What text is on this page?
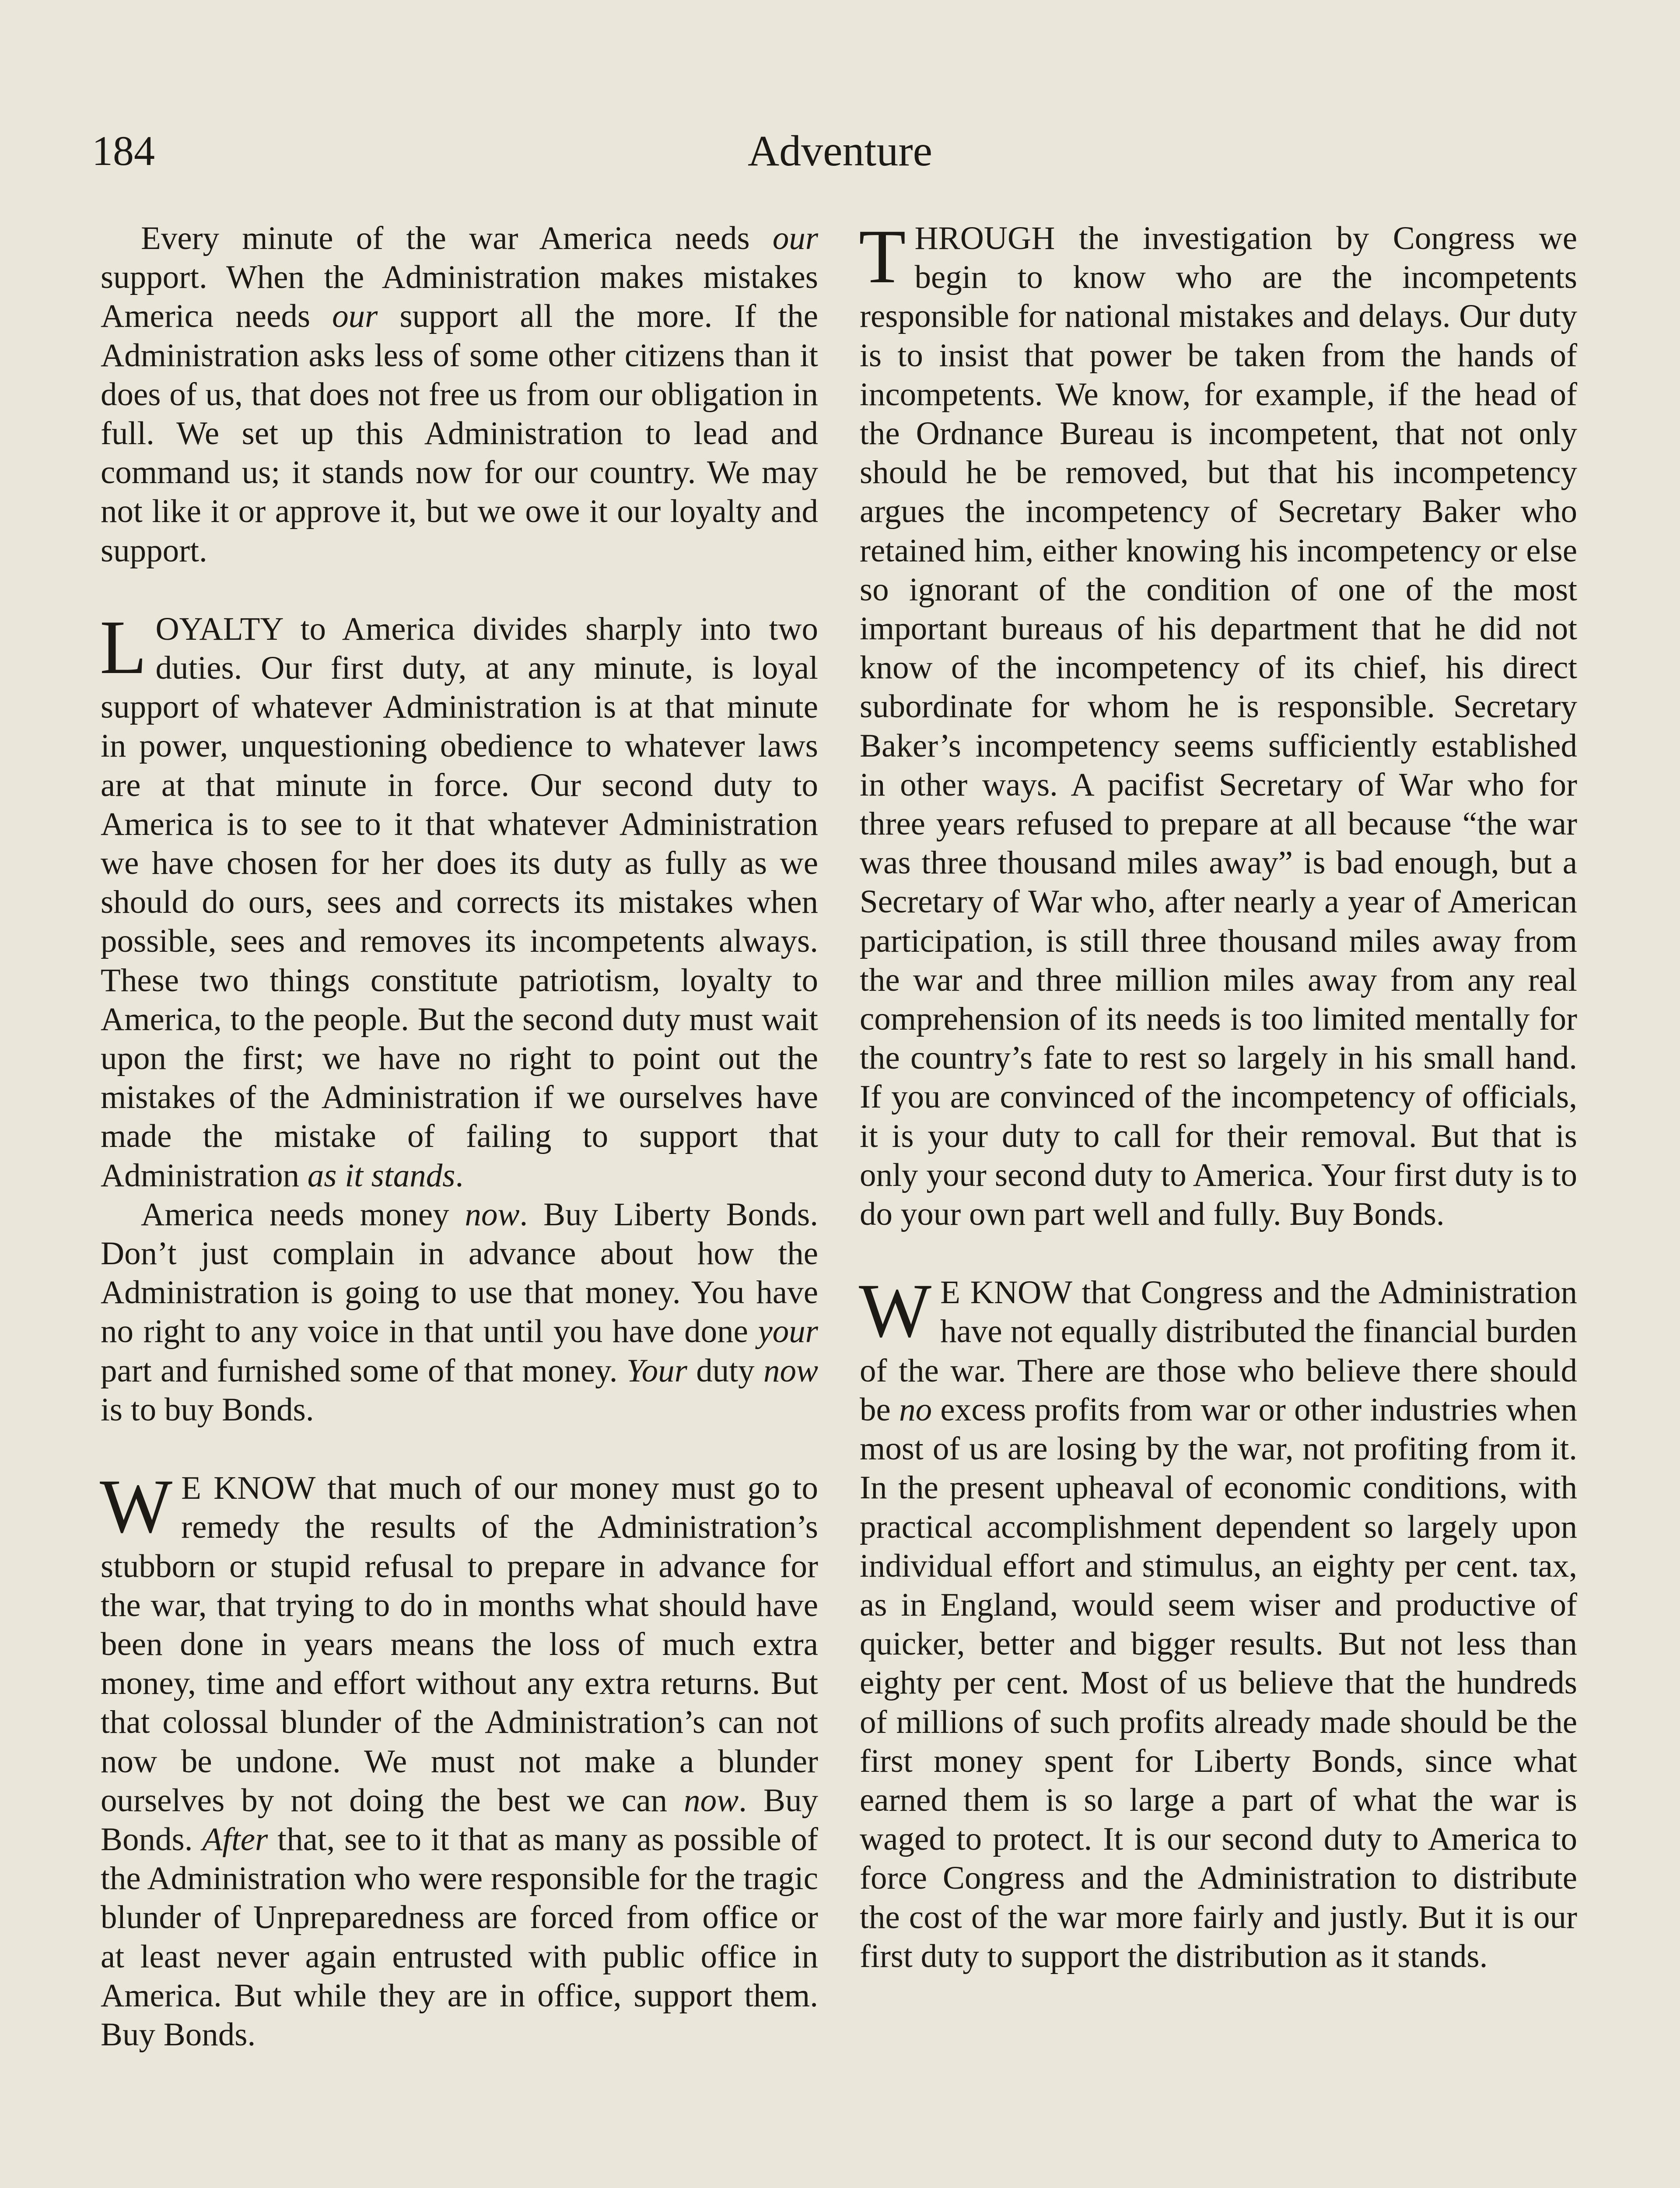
184	Adventure

Every minute of the war America needs our support. When the Administration makes mistakes America needs our support all the more. If the Administration asks less of some other citizens than it does of us, that does not free us from our obligation in full. We set up this Administration to lead and command us; it stands now for our country. We may not like it or approve it, but we owe it our loyalty and support.

LOYALTY to America divides sharply into two duties. Our first duty, at any minute, is loyal support of whatever Administration is at that minute in power, unquestioning obedience to whatever laws are at that minute in force. Our second duty to America is to see to it that whatever Administration we have chosen for her does its duty as fully as we should do ours, sees and corrects its mistakes when possible, sees and removes its incompetents always. These two things constitute patriotism, loyalty to America, to the people. But the second duty must wait upon the first; we have no right to point out the mistakes of the Administration if we ourselves have made the mistake of failing to support that Administration as it stands.

America needs money now. Buy Liberty Bonds. Don’t just complain in advance about how the Administration is going to use that money. You have no right to any voice in that until you have done your part and furnished some of that money. Your duty now is to buy Bonds.

WE KNOW that much of our money must go to remedy the results of the Administration’s stubborn or stupid refusal to prepare in advance for the war, that trying to do in months what should have been done in years means the loss of much extra money, time and effort without any extra returns. But that colossal blunder of the Administration’s can not now be undone. We must not make a blunder ourselves by not doing the best we can now. Buy Bonds. After that, see to it that as many as possible of the Administration who were responsible for the tragic blunder of Unpreparedness are forced from office or at least never again entrusted with public office in America. But while they are in office, support them. Buy Bonds.

THROUGH the investigation by Congress we begin to know who are the incompetents responsible for national mistakes and delays. Our duty is to insist that power be taken from the hands of incompetents. We know, for example, if the head of the Ordnance Bureau is incompetent, that not only should he be removed, but that his incompetency argues the incompetency of Secretary Baker who retained him, either knowing his incompetency or else so ignorant of the condition of one of the most important bureaus of his department that he did not know of the incompetency of its chief, his direct subordinate for whom he is responsible. Secretary Baker’s incompetency seems sufficiently established in other ways. A pacifist Secretary of War who for three years refused to prepare at all because “the war was three thousand miles away” is bad enough, but a Secretary of War who, after nearly a year of American participation, is still three thousand miles away from the war and three million miles away from any real comprehension of its needs is too limited mentally for the country’s fate to rest so largely in his small hand. If you are convinced of the incompetency of officials, it is your duty to call for their removal. But that is only your second duty to America. Your first duty is to do your own part well and fully. Buy Bonds.

WE KNOW that Congress and the Administration have not equally distributed the financial burden of the war. There are those who believe there should be no excess profits from war or other industries when most of us are losing by the war, not profiting from it. In the present upheaval of economic conditions, with practical accomplishment dependent so largely upon individual effort and stimulus, an eighty per cent. tax, as in England, would seem wiser and productive of quicker, better and bigger results. But not less than eighty per cent. Most of us believe that the hundreds of millions of such profits already made should be the first money spent for Liberty Bonds, since what earned them is so large a part of what the war is waged to protect. It is our second duty to America to force Congress and the Administration to distribute the cost of the war more fairly and justly. But it is our first duty to support the distribution as it stands.
